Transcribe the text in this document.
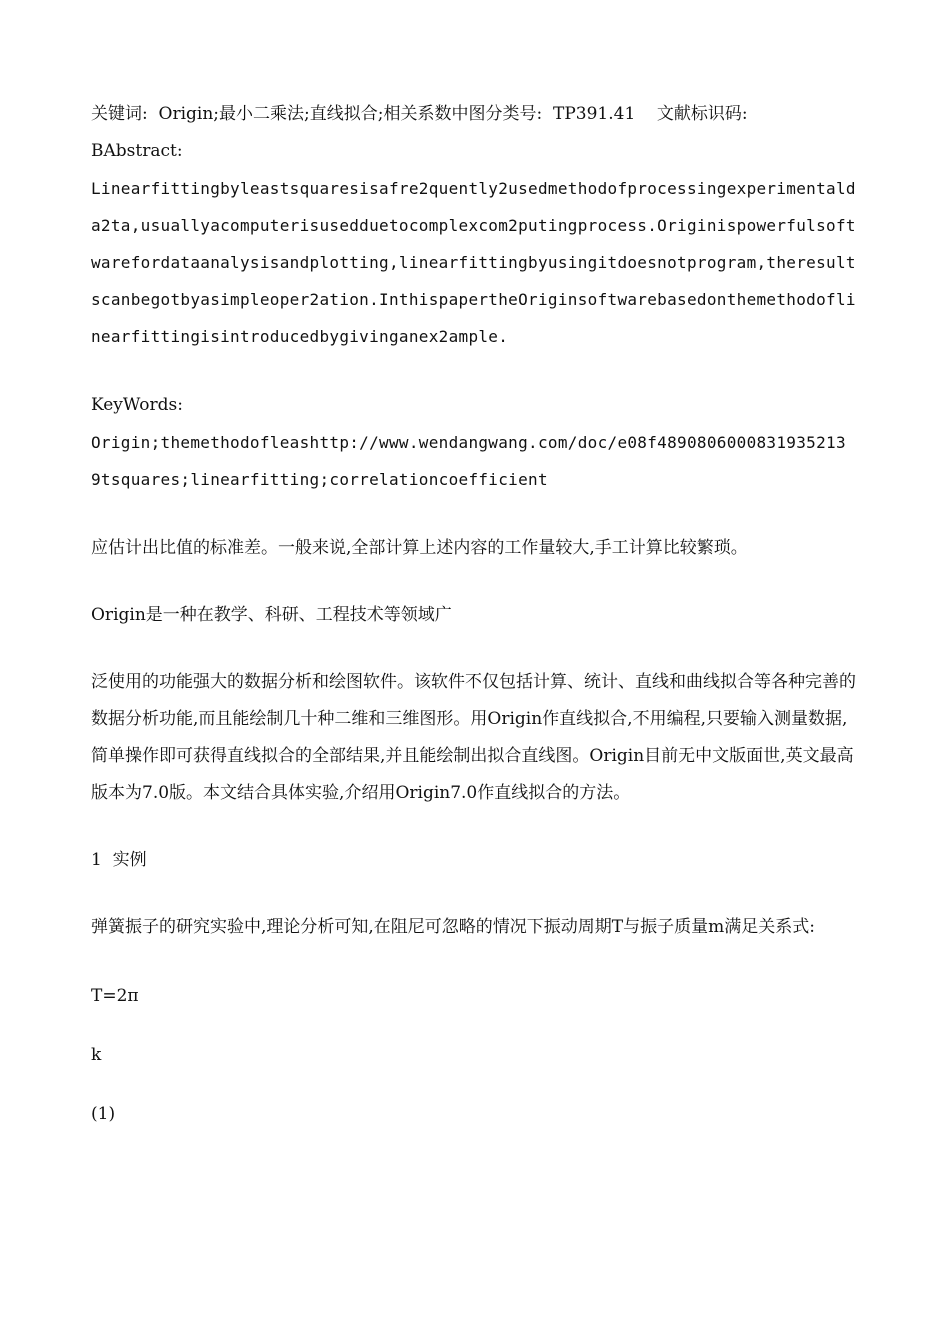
关键词:  Origin;最小二乘法;直线拟合;相关系数中图分类号:  TP391.41    文献标识码:

BAbstract:

Linearfittingbyleastsquaresisafre2quently2usedmethodofprocessingexperimentalda2ta,usuallyacomputerisusedduetocomplexcom2putingprocess.Originispowerfulsoftwarefordataanalysisandplotting,linearfittingbyusingitdoesnotprogram,theresultscanbegotbyasimpleoper2ation.InthispapertheOriginsoftwarebasedonthemethodoflinearfittingisintroducedbygivinganex2ample.

KeyWords:

Origin;themethodofleashttp://www.wendangwang.com/doc/e08f4890806000831935213 9tsquares;linearfitting;correlationcoefficient

应估计出比值的标准差。一般来说,全部计算上述内容的工作量较大,手工计算比较繁琐。

Origin是一种在教学、科研、工程技术等领域广

泛使用的功能强大的数据分析和绘图软件。该软件不仅包括计算、统计、直线和曲线拟合等各种完善的数据分析功能,而且能绘制几十种二维和三维图形。用Origin作直线拟合,不用编程,只要输入测量数据,简单操作即可获得直线拟合的全部结果,并且能绘制出拟合直线图。Origin目前无中文版面世,英文最高版本为7.0版。本文结合具体实验,介绍用Origin7.0作直线拟合的方法。

1  实例

弹簧振子的研究实验中,理论分析可知,在阻尼可忽略的情况下振动周期T与振子质量m满足关系式:

T=2π

k

(1)
